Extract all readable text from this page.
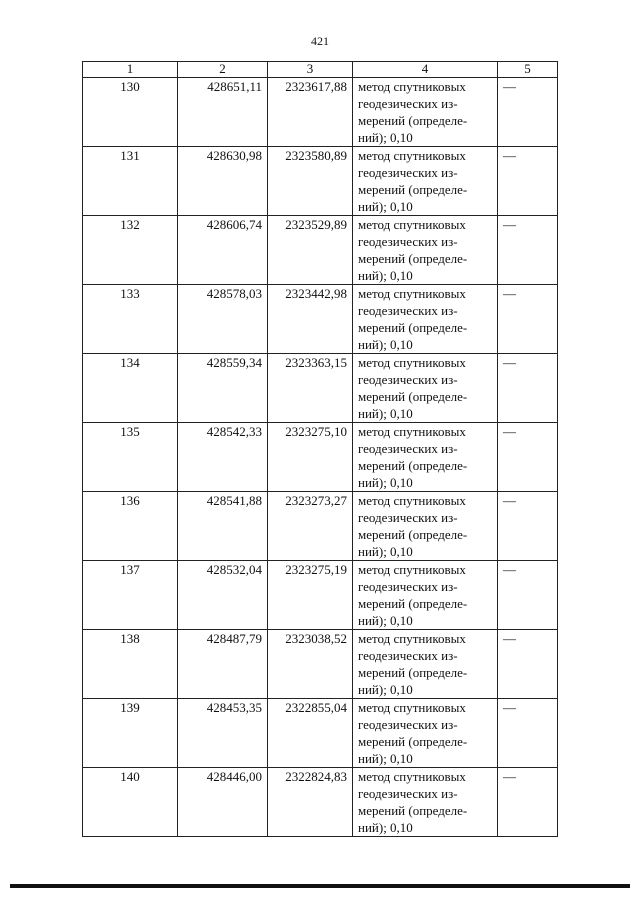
421
1	2	3	4	5
130	428651,11	2323617,88	метод спутниковых
геодезических из-
мерений (определе-
ний); 0,10	—
131	428630,98	2323580,89	метод спутниковых
геодезических из-
мерений (определе-
ний); 0,10	—
132	428606,74	2323529,89	метод спутниковых
геодезических из-
мерений (определе-
ний); 0,10	—
133	428578,03	2323442,98	метод спутниковых
геодезических из-
мерений (определе-
ний); 0,10	—
134	428559,34	2323363,15	метод спутниковых
геодезических из-
мерений (определе-
ний); 0,10	—
135	428542,33	2323275,10	метод спутниковых
геодезических из-
мерений (определе-
ний); 0,10	—
136	428541,88	2323273,27	метод спутниковых
геодезических из-
мерений (определе-
ний); 0,10	—
137	428532,04	2323275,19	метод спутниковых
геодезических из-
мерений (определе-
ний); 0,10	—
138	428487,79	2323038,52	метод спутниковых
геодезических из-
мерений (определе-
ний); 0,10	—
139	428453,35	2322855,04	метод спутниковых
геодезических из-
мерений (определе-
ний); 0,10	—
140	428446,00	2322824,83	метод спутниковых
геодезических из-
мерений (определе-
ний); 0,10	—
